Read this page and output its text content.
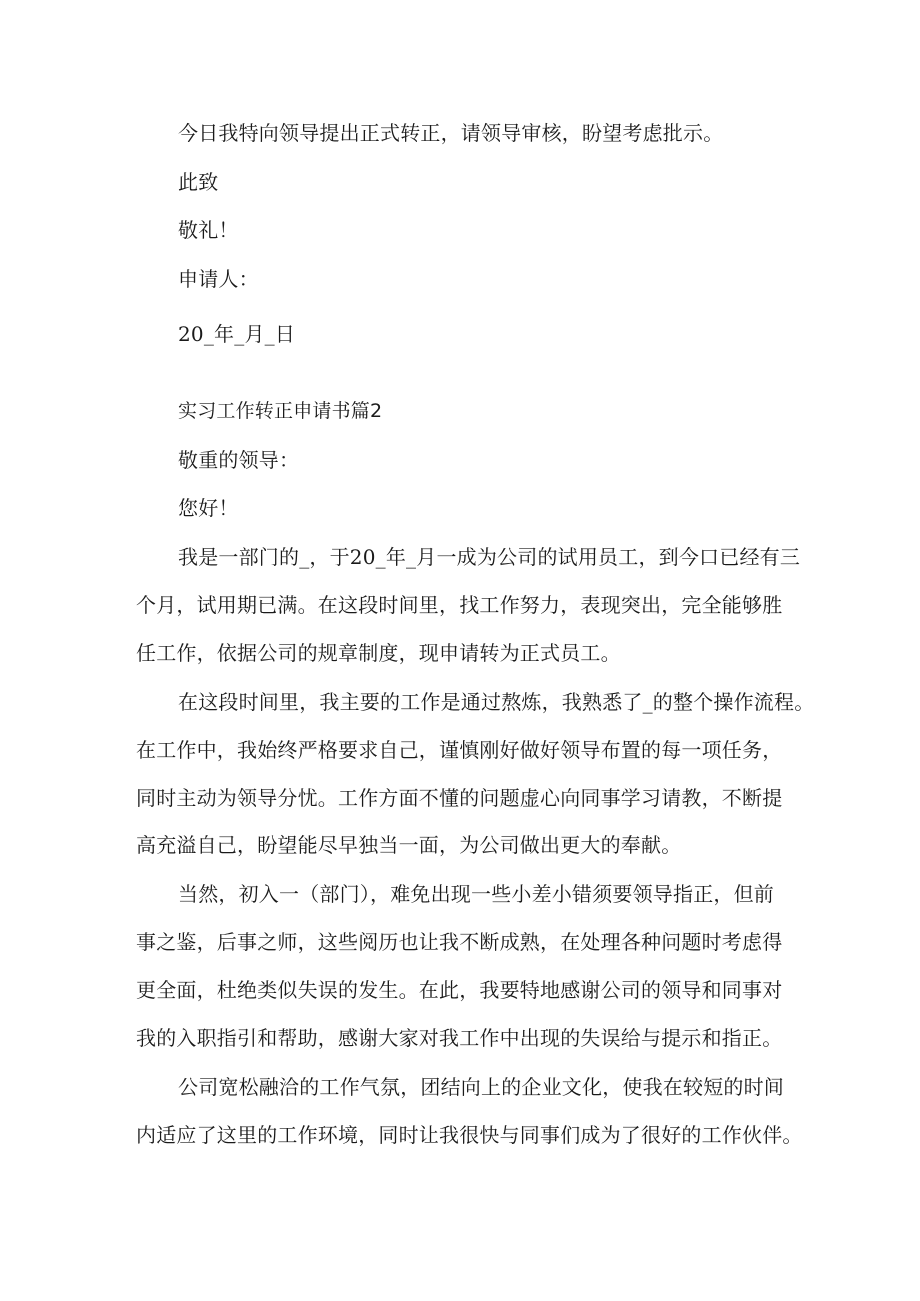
今日我特向领导提出正式转正，请领导审核，盼望考虑批示。
此致
敬礼！
申请人：
20_年_月_日
实习工作转正申请书篇2
敬重的领导：
您好！
我是一部门的_，于20_年_月一成为公司的试用员工，到今口已经有三
个月，试用期已满。在这段时间里，找工作努力，表现突出，完全能够胜
任工作，依据公司的规章制度，现申请转为正式员工。
在这段时间里，我主要的工作是通过熬炼，我熟悉了_的整个操作流程。
在工作中，我始终严格要求自己，谨慎刚好做好领导布置的每一项任务，
同时主动为领导分忧。工作方面不懂的问题虚心向同事学习请教，不断提
高充溢自己，盼望能尽早独当一面，为公司做出更大的奉献。
当然，初入一（部门），难免出现一些小差小错须要领导指正，但前
事之鉴，后事之师，这些阅历也让我不断成熟，在处理各种问题时考虑得
更全面，杜绝类似失误的发生。在此，我要特地感谢公司的领导和同事对
我的入职指引和帮助，感谢大家对我工作中出现的失误给与提示和指正。
公司宽松融洽的工作气氛，团结向上的企业文化，使我在较短的时间
内适应了这里的工作环境，同时让我很快与同事们成为了很好的工作伙伴。
